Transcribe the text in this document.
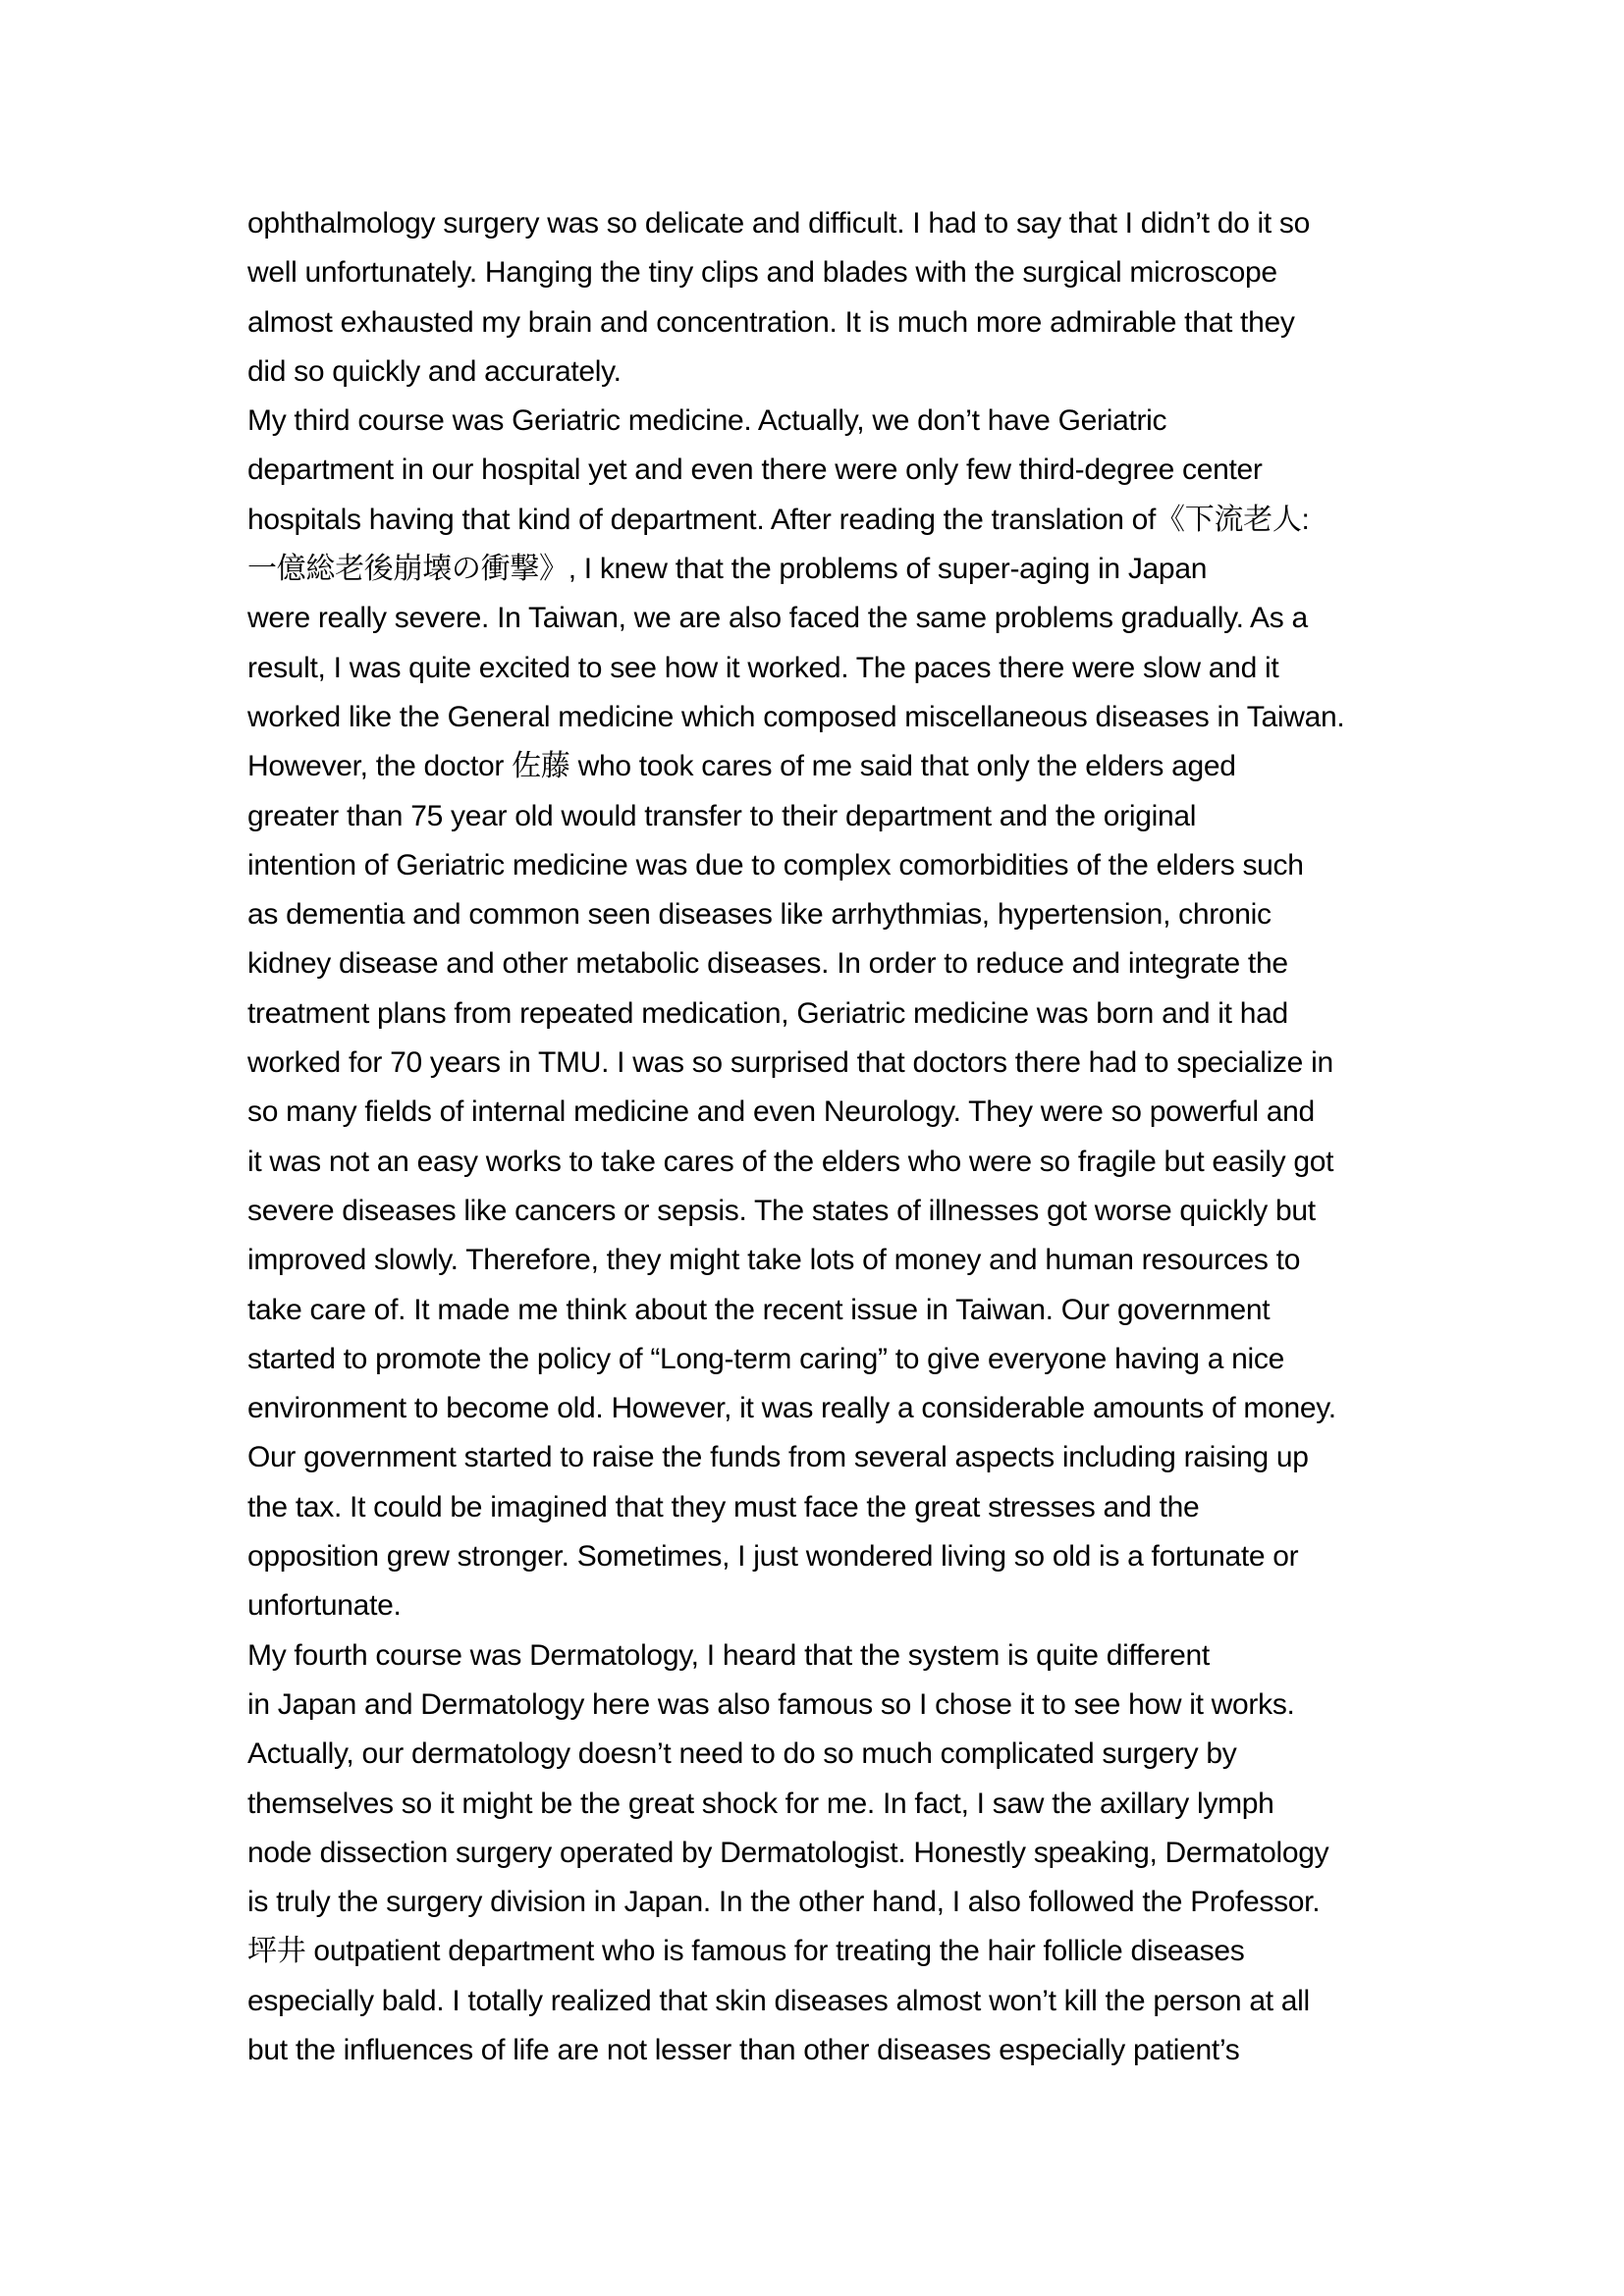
ophthalmology surgery was so delicate and difficult. I had to say that I didn’t do it so
well unfortunately. Hanging the tiny clips and blades with the surgical microscope
almost exhausted my brain and concentration. It is much more admirable that they
did so quickly and accurately.
My third course was Geriatric medicine. Actually, we don’t have Geriatric
department in our hospital yet and even there were only few third-degree center
hospitals having that kind of department. After reading the translation of《下流老人:
一億総老後崩壊の衝撃》, I knew that the problems of super-aging in Japan
were really severe. In Taiwan, we are also faced the same problems gradually. As a
result, I was quite excited to see how it worked. The paces there were slow and it
worked like the General medicine which composed miscellaneous diseases in Taiwan.
However, the doctor 佐藤 who took cares of me said that only the elders aged
greater than 75 year old would transfer to their department and the original
intention of Geriatric medicine was due to complex comorbidities of the elders such
as dementia and common seen diseases like arrhythmias, hypertension, chronic
kidney disease and other metabolic diseases. In order to reduce and integrate the
treatment plans from repeated medication, Geriatric medicine was born and it had
worked for 70 years in TMU. I was so surprised that doctors there had to specialize in
so many fields of internal medicine and even Neurology. They were so powerful and
it was not an easy works to take cares of the elders who were so fragile but easily got
severe diseases like cancers or sepsis. The states of illnesses got worse quickly but
improved slowly. Therefore, they might take lots of money and human resources to
take care of. It made me think about the recent issue in Taiwan. Our government
started to promote the policy of “Long-term caring” to give everyone having a nice
environment to become old. However, it was really a considerable amounts of money.
Our government started to raise the funds from several aspects including raising up
the tax. It could be imagined that they must face the great stresses and the
opposition grew stronger. Sometimes, I just wondered living so old is a fortunate or
unfortunate.
My fourth course was Dermatology, I heard that the system is quite different
in Japan and Dermatology here was also famous so I chose it to see how it works.
Actually, our dermatology doesn’t need to do so much complicated surgery by
themselves so it might be the great shock for me. In fact, I saw the axillary lymph
node dissection surgery operated by Dermatologist. Honestly speaking, Dermatology
is truly the surgery division in Japan. In the other hand, I also followed the Professor.
坪井 outpatient department who is famous for treating the hair follicle diseases
especially bald. I totally realized that skin diseases almost won’t kill the person at all
but the influences of life are not lesser than other diseases especially patient’s
